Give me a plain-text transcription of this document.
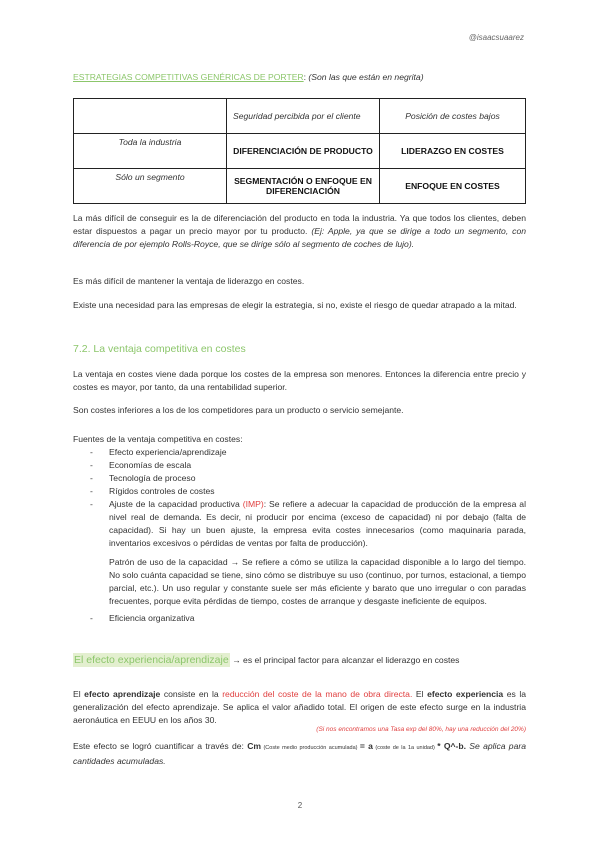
@isaacsuaarez
ESTRATEGIAS COMPETITIVAS GENÉRICAS DE PORTER: (Son las que están en negrita)
	Seguridad percibida por el cliente	Posición de costes bajos
Toda la industria	DIFERENCIACIÓN DE PRODUCTO	LIDERAZGO EN COSTES
Sólo un segmento	SEGMENTACIÓN O ENFOQUE EN DIFERENCIACIÓN	ENFOQUE EN COSTES
La más difícil de conseguir es la de diferenciación del producto en toda la industria. Ya que todos los clientes, deben estar dispuestos a pagar un precio mayor por tu producto. (Ej: Apple, ya que se dirige a todo un segmento, con diferencia de por ejemplo Rolls-Royce, que se dirige sólo al segmento de coches de lujo).
Es más difícil de mantener la ventaja de liderazgo en costes.
Existe una necesidad para las empresas de elegir la estrategia, si no, existe el riesgo de quedar atrapado a la mitad.
7.2. La ventaja competitiva en costes
La ventaja en costes viene dada porque los costes de la empresa son menores. Entonces la diferencia entre precio y costes es mayor, por tanto, da una rentabilidad superior.
Son costes inferiores a los de los competidores para un producto o servicio semejante.
Fuentes de la ventaja competitiva en costes:
- Efecto experiencia/aprendizaje
- Economías de escala
- Tecnología de proceso
- Rígidos controles de costes
- Ajuste de la capacidad productiva (IMP): Se refiere a adecuar la capacidad de producción de la empresa al nivel real de demanda. Es decir, ni producir por encima (exceso de capacidad) ni por debajo (falta de capacidad). Si hay un buen ajuste, la empresa evita costes innecesarios (como maquinaria parada, inventarios excesivos o pérdidas de ventas por falta de producción).
Patrón de uso de la capacidad → Se refiere a cómo se utiliza la capacidad disponible a lo largo del tiempo. No solo cuánta capacidad se tiene, sino cómo se distribuye su uso (continuo, por turnos, estacional, a tiempo parcial, etc.). Un uso regular y constante suele ser más eficiente y barato que uno irregular o con paradas frecuentes, porque evita pérdidas de tiempo, costes de arranque y desgaste ineficiente de equipos.
- Eficiencia organizativa
El efecto experiencia/aprendizaje → es el principal factor para alcanzar el liderazgo en costes
El efecto aprendizaje consiste en la reducción del coste de la mano de obra directa. El efecto experiencia es la generalización del efecto aprendizaje. Se aplica el valor añadido total. El origen de este efecto surge en la industria aeronáutica en EEUU en los años 30.
(Si nos encontramos una Tasa exp del 80%, hay una reducción del 20%)
Este efecto se logró cuantificar a través de: Cm (Coste medio producción acumulada) = a (coste de la 1a unidad) * Q^-b. Se aplica para cantidades acumuladas.
2
